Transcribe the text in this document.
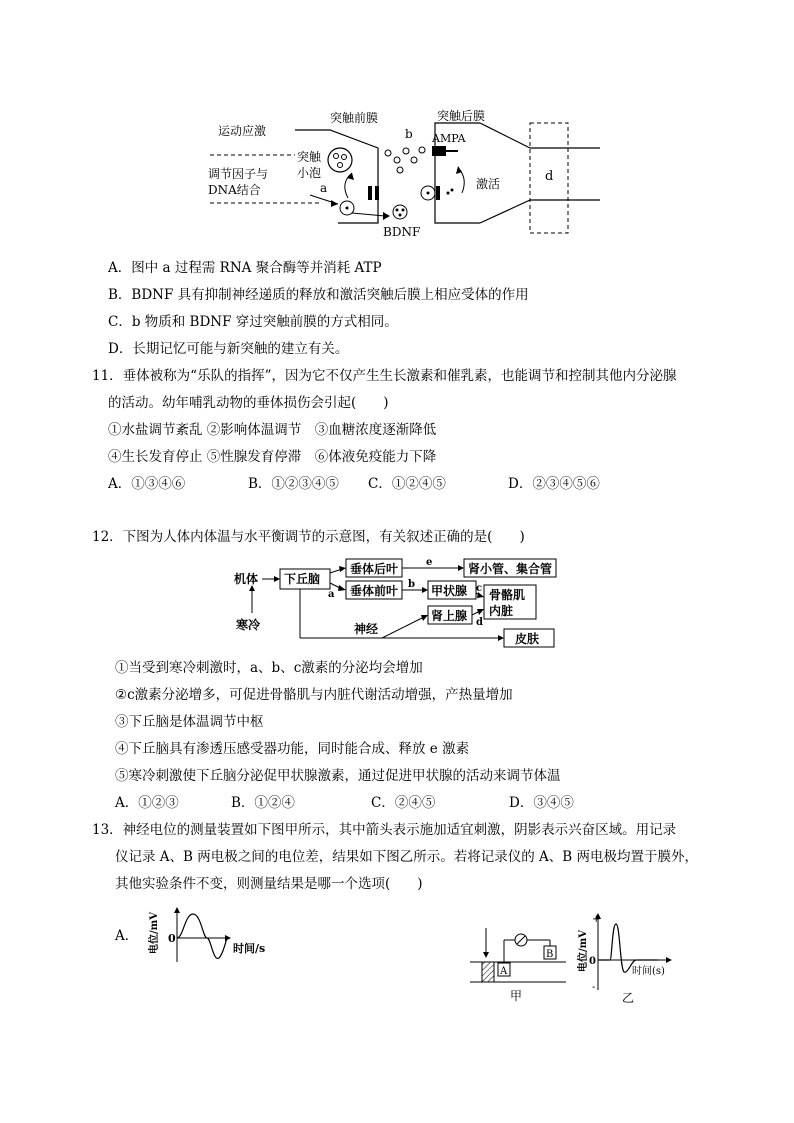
运动应激
调节因子与
DNA结合	a
突触前膜
突触
小泡
b
突触后膜
AMPA
激活	d
BDNF
A．图中 a 过程需 RNA 聚合酶等并消耗 ATP
B．BDNF 具有抑制神经递质的释放和激活突触后膜上相应受体的作用
C．b 物质和 BDNF 穿过突触前膜的方式相同。
D．长期记忆可能与新突触的建立有关。
11．垂体被称为“乐队的指挥”，因为它不仅产生生长激素和催乳素，也能调节和控制其他内分泌腺
的活动。幼年哺乳动物的垂体损伤会引起(　　)
①水盐调节紊乱 ②影响体温调节　③血糖浓度逐渐降低
④生长发育停止 ⑤性腺发育停滞　⑥体液免疫能力下降
A．①③④⑥	B．①②③④⑤ C．①②④⑤	D．②③④⑤⑥
12．下图为人体内体温与水平衡调节的示意图，有关叙述正确的是(　　)
机体
寒冷
下丘脑
垂体后叶
垂体前叶
肾小管、集合管
甲状腺
肾上腺
骨骼肌
内脏
皮肤
神经
a
b	c
d
e
①当受到寒冷刺激时，a、b、c激素的分泌均会增加
②c激素分泌增多，可促进骨骼肌与内脏代谢活动增强，产热量增加
③下丘脑是体温调节中枢
④下丘脑具有渗透压感受器功能，同时能合成、释放 e 激素
⑤寒冷刺激使下丘脑分泌促甲状腺激素，通过促进甲状腺的活动来调节体温
A．①②③	B．①②④	C．②④⑤	D．③④⑤
13．神经电位的测量装置如下图甲所示，其中箭头表示施加适宜刺激，阴影表示兴奋区域。用记录
仪记录 A、B 两电极之间的电位差，结果如下图乙所示。若将记录仪的 A、B 两电极均置于膜外，
其他实验条件不变，则测量结果是哪一个选项(　　)
A． 电位/mV 0
时间/s
A
B
甲
电位/mV
+
0
-
时间(s)
乙
